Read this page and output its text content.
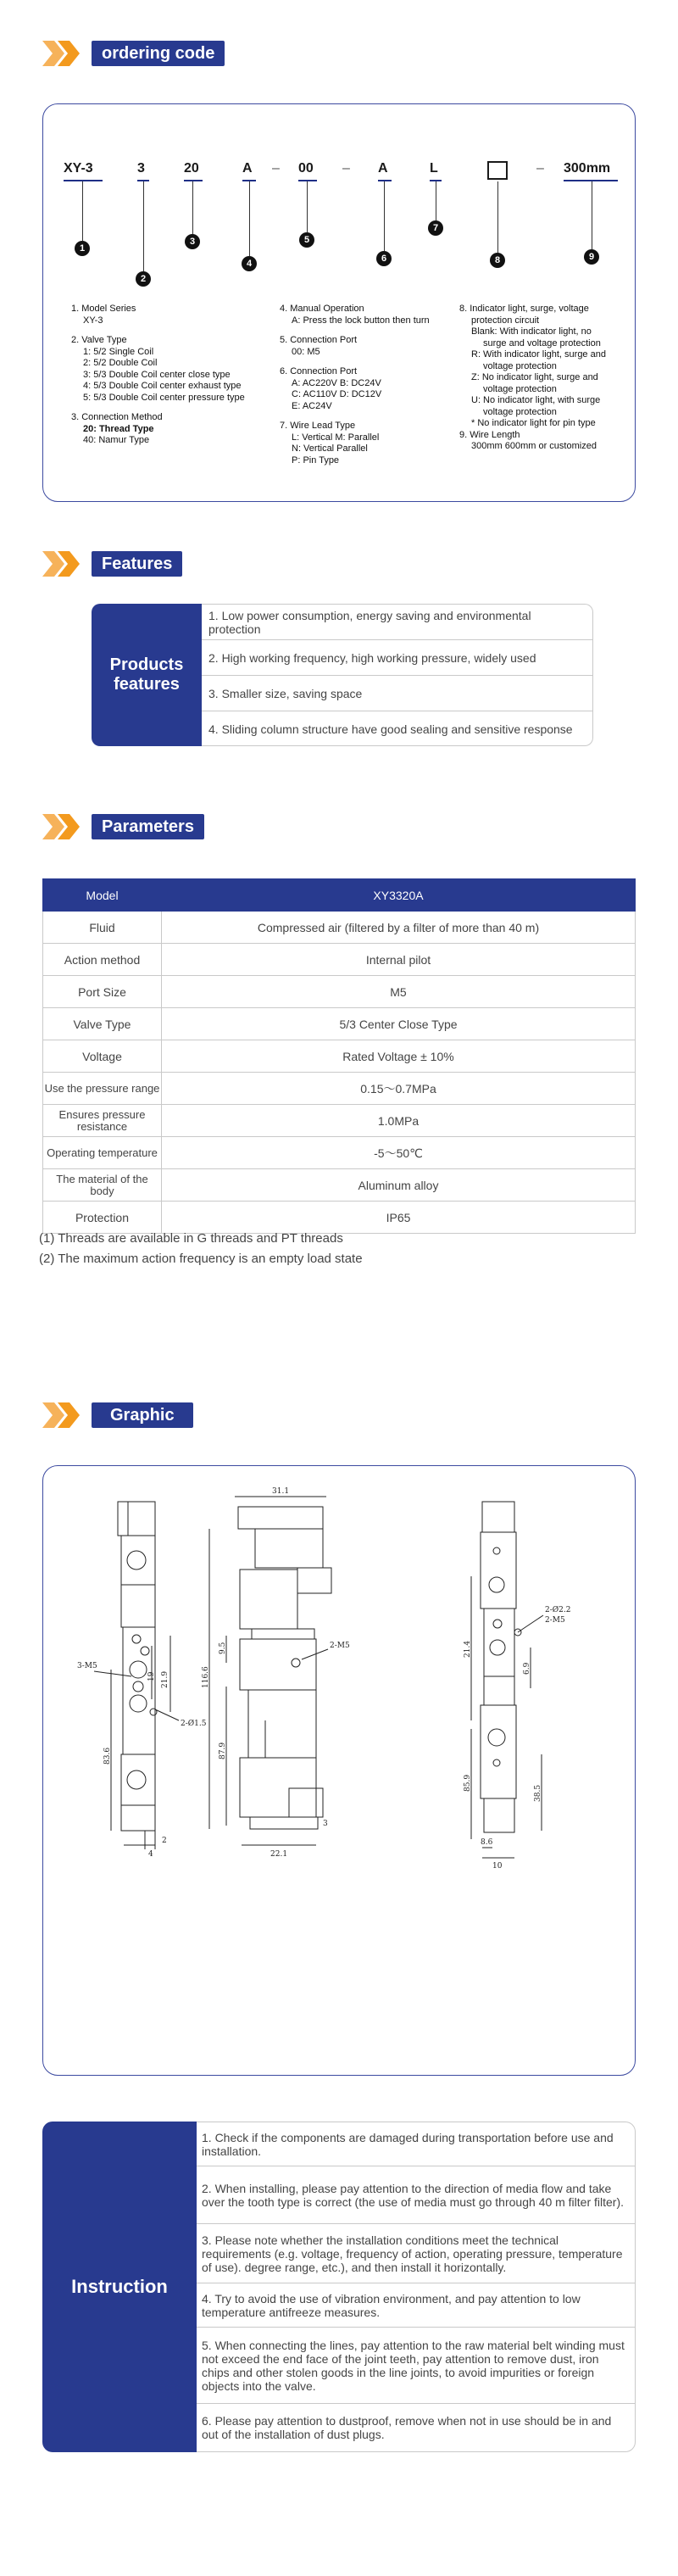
ordering code
XY-3	3	20	A – 00 – A	L	– 300mm
1
2
3
4
5
6
7
8	9

1. Model Series

XY-3

2. Valve Type

1: 5/2 Single Coil

2: 5/2 Double Coil

3: 5/3 Double Coil center close type

4: 5/3 Double Coil center exhaust type

5: 5/3 Double Coil center pressure type

3. Connection Method

20: Thread Type

40: Namur Type

4. Manual Operation

A: Press the lock button then turn

5. Connection Port

00: M5

6. Connection Port

A: AC220V B: DC24V

C: AC110V D: DC12V

E: AC24V

7. Wire Lead Type

L: Vertical M: Parallel

N: Vertical Parallel

P: Pin Type

8. Indicator light, surge, voltage

protection circuit

Blank: With indicator light, no

surge and voltage protection

R: With indicator light, surge and

voltage protection

Z: No indicator light, surge and

voltage protection

U: No indicator light, with surge

voltage protection

* No indicator light for pin type

9. Wire Length

300mm 600mm or customized

Features
Products
features
1. Low power consumption, energy saving and environmental protection
2. High working frequency, high working pressure, widely used
3. Smaller size, saving space
4. Sliding column structure have good sealing and sensitive response
Parameters
Model	XY3320A
Fluid	Compressed air (filtered by a filter of more than 40 m)
Action method	Internal pilot
Port Size	M5
Valve Type	5/3 Center Close Type
Voltage	Rated Voltage ± 10%
Use the pressure range	0.15～0.7MPa
Ensures pressure resistance	1.0MPa
Operating temperature	-5～50℃
The material of the body	Aluminum alloy
Protection	IP65
(1) Threads are available in G threads and PT threads
(2) The maximum action frequency is an empty load state
Graphic
3-M5
19 21.9
2-Ø1.5
83.6
2
4
31.1
2-M5
9.5
116.6
87.9
3
22.1
2-Ø2.2
2-M5
21.4
6.9
85.9
38.5
8.6
10
Instruction
1. Check if the components are damaged during transportation before use and installation.
2. When installing, please pay attention to the direction of media flow and take over the tooth type is correct (the use of media must go through 40 m filter filter).
3. Please note whether the installation conditions meet the technical requirements (e.g. voltage, frequency of action, operating pressure, temperature of use). degree range, etc.), and then install it horizontally.
4. Try to avoid the use of vibration environment, and pay attention to low temperature antifreeze measures.
5. When connecting the lines, pay attention to the raw material belt winding must not exceed the end face of the joint teeth, pay attention to remove dust, iron chips and other stolen goods in the line joints, to avoid impurities or foreign objects into the valve.
6. Please pay attention to dustproof, remove when not in use should be in and out of the installation of dust plugs.
